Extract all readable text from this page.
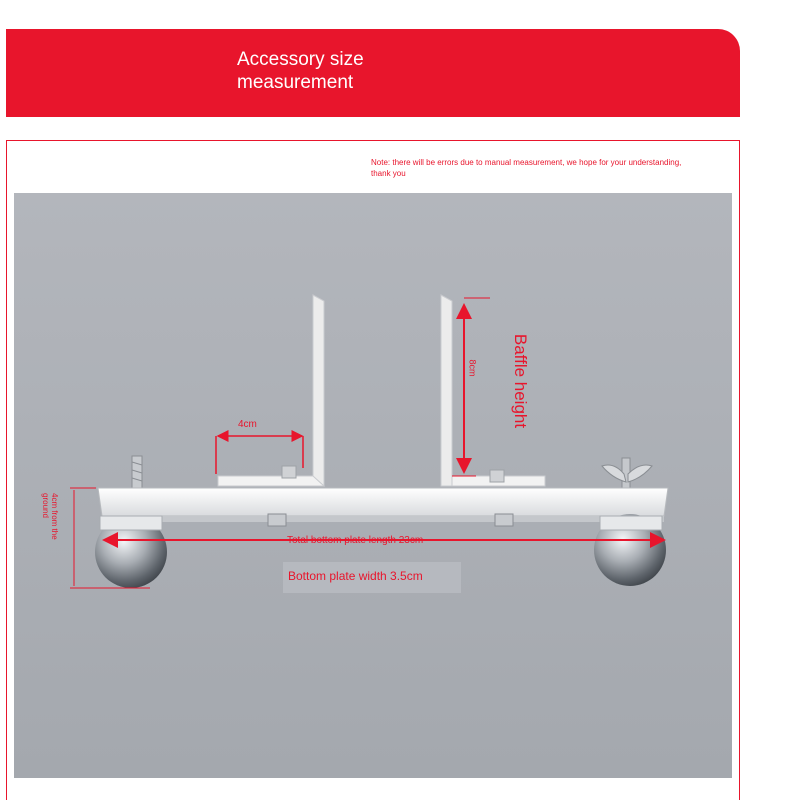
Accessory size measurement
Note: there will be errors due to manual measurement, we hope for your understanding, thank you
4cm
8cm Baffle height
4cm from the ground
Total bottom plate length 23cm
Bottom plate width 3.5cm
